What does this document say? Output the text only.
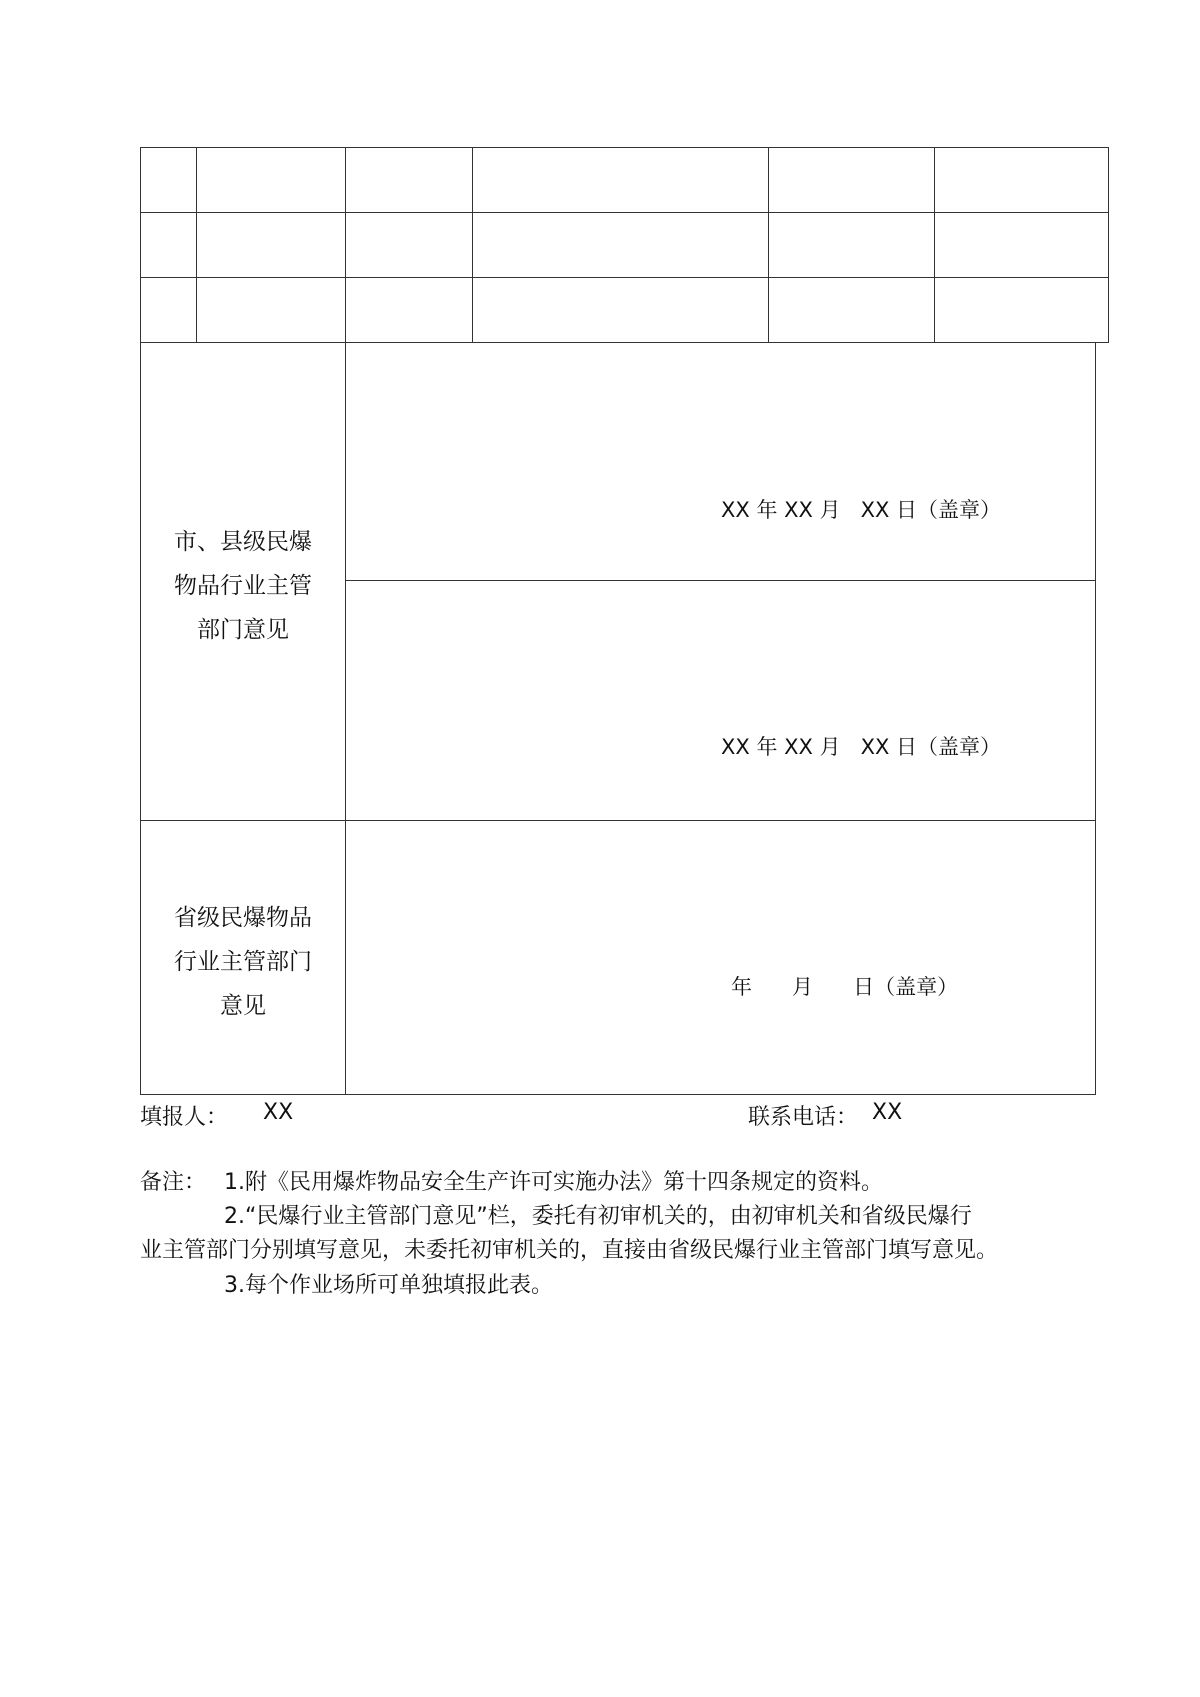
市、县级民爆
物品行业主管
部门意见
XX 年 XX 月   XX 日（盖章）
XX 年 XX 月   XX 日（盖章）
省级民爆物品
行业主管部门
意见
年      月      日（盖章）
填报人： XX	联系电话： XX
备注： 1.附《民用爆炸物品安全生产许可实施办法》第十四条规定的资料。
2.“民爆行业主管部门意见”栏，委托有初审机关的，由初审机关和省级民爆行
业主管部门分别填写意见，未委托初审机关的，直接由省级民爆行业主管部门填写意见。
3.每个作业场所可单独填报此表。
